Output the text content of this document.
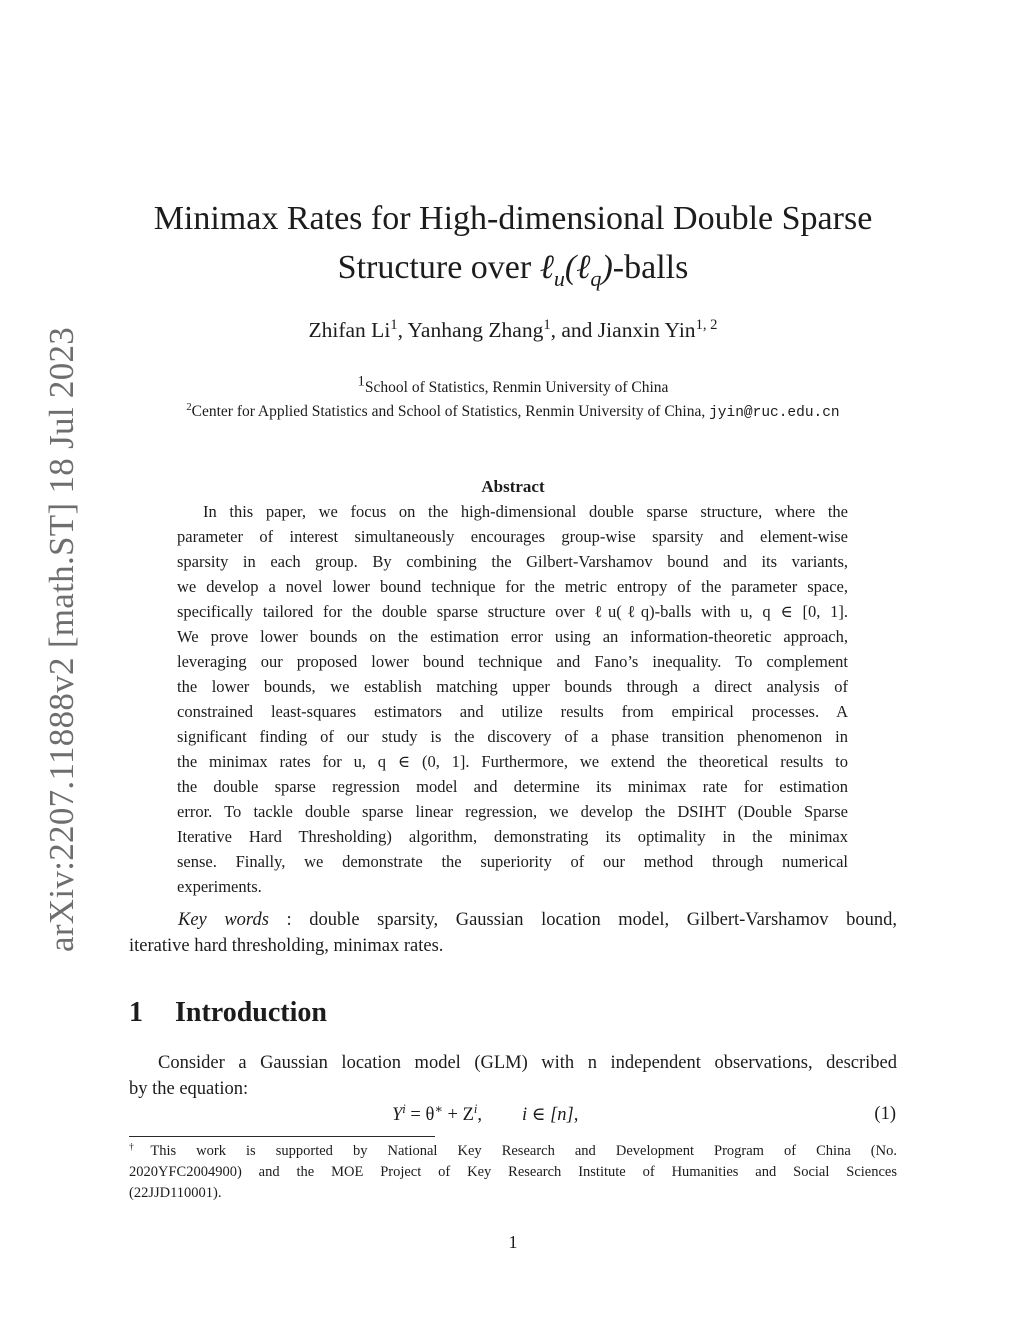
arXiv:2207.11888v2 [math.ST] 18 Jul 2023
Minimax Rates for High-dimensional Double Sparse
Structure over ℓ$_u$(ℓ$_q$)-balls
Zhifan Li$^1$, Yanhang Zhang$^1$, and Jianxin Yin$^{1, 2}$
$^1$School of Statistics, Renmin University of China
$^2$Center for Applied Statistics and School of Statistics, Renmin University of China, jyin@ruc.edu.cn
Abstract
In this paper, we focus on the high-dimensional double sparse structure, where the
parameter of interest simultaneously encourages group-wise sparsity and element-wise
sparsity in each group. By combining the Gilbert-Varshamov bound and its variants,
we develop a novel lower bound technique for the metric entropy of the parameter space,
specifically tailored for the double sparse structure over ℓu(ℓq)-balls with u, q ∈ [0, 1].
We prove lower bounds on the estimation error using an information-theoretic approach,
leveraging our proposed lower bound technique and Fano’s inequality. To complement
the lower bounds, we establish matching upper bounds through a direct analysis of
constrained least-squares estimators and utilize results from empirical processes. A
significant finding of our study is the discovery of a phase transition phenomenon in
the minimax rates for u, q ∈ (0, 1]. Furthermore, we extend the theoretical results to
the double sparse regression model and determine its minimax rate for estimation
error. To tackle double sparse linear regression, we develop the DSIHT (Double Sparse
Iterative Hard Thresholding) algorithm, demonstrating its optimality in the minimax
sense. Finally, we demonstrate the superiority of our method through numerical
experiments.
Key words : double sparsity, Gaussian location model, Gilbert-Varshamov bound,
iterative hard thresholding, minimax rates.
1 Introduction
Consider a Gaussian location model (GLM) with n independent observations, described
by the equation:
$Y^i = \theta^∗ + Z^i$, i ∈ [n],	(1)
†This work is supported by National Key Research and Development Program of China (No.
2020YFC2004900) and the MOE Project of Key Research Institute of Humanities and Social Sciences
(22JJD110001).
1
